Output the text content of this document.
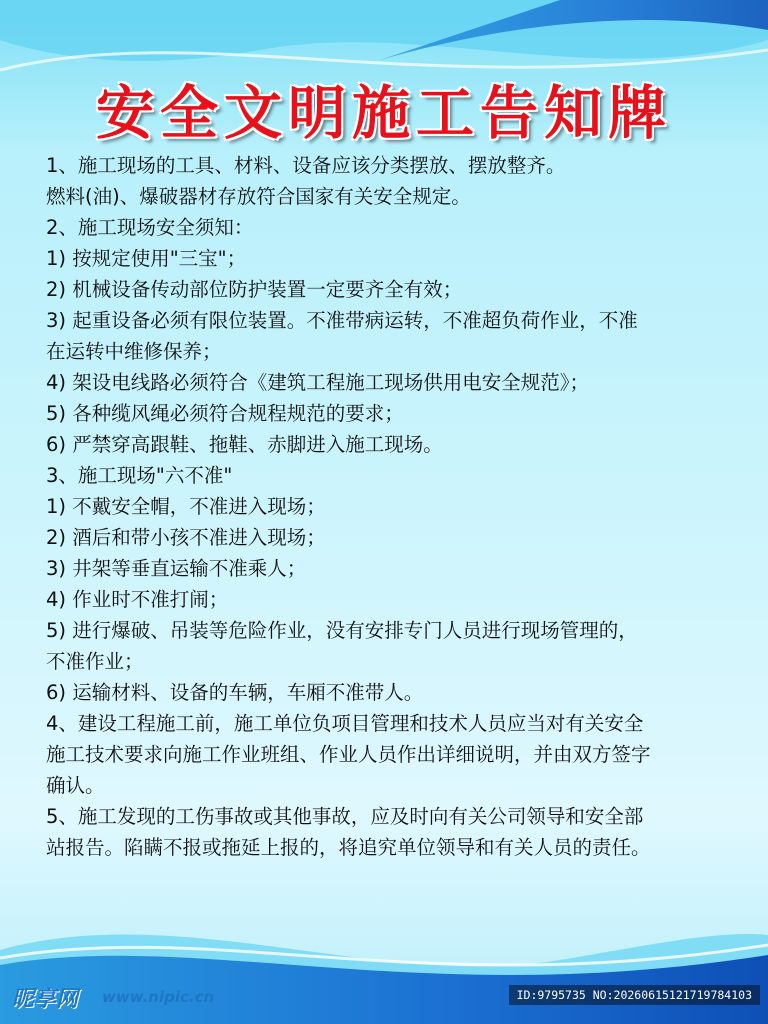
安全文明施工告知牌
1、施工现场的工具、材料、设备应该分类摆放、摆放整齐。
燃料(油)、爆破器材存放符合国家有关安全规定。
2、施工现场安全须知：
1) 按规定使用"三宝"；
2) 机械设备传动部位防护装置一定要齐全有效；
3) 起重设备必须有限位装置。不准带病运转，不准超负荷作业，不准
在运转中维修保养；
4) 架设电线路必须符合《建筑工程施工现场供用电安全规范》；
5) 各种缆风绳必须符合规程规范的要求；
6) 严禁穿高跟鞋、拖鞋、赤脚进入施工现场。
3、施工现场"六不准"
1) 不戴安全帽，不准进入现场；
2) 酒后和带小孩不准进入现场；
3) 井架等垂直运输不准乘人；
4) 作业时不准打闹；
5) 进行爆破、吊装等危险作业，没有安排专门人员进行现场管理的，
不准作业；
6) 运输材料、设备的车辆，车厢不准带人。
4、建设工程施工前，施工单位负项目管理和技术人员应当对有关安全
施工技术要求向施工作业班组、作业人员作出详细说明，并由双方签字
确认。
5、施工发现的工伤事故或其他事故，应及时向有关公司领导和安全部
站报告。陷瞒不报或拖延上报的，将追究单位领导和有关人员的责任。
昵享网 www.nipic.cn	ID:9795735 NO:20260615121719784103
